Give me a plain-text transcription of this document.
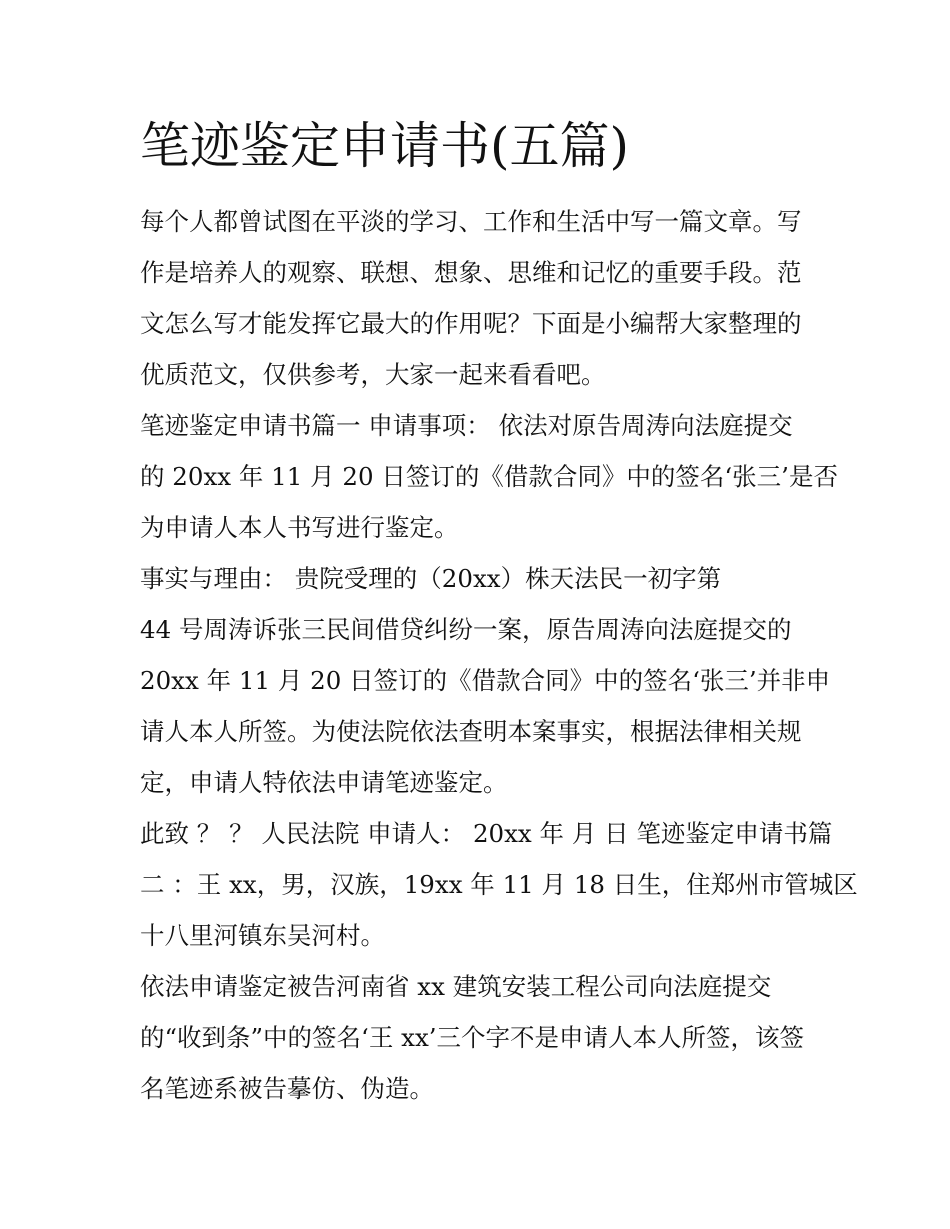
笔迹鉴定申请书(五篇)

每个人都曾试图在平淡的学习、工作和生活中写一篇文章。写

作是培养人的观察、联想、想象、思维和记忆的重要手段。范

文怎么写才能发挥它最大的作用呢？下面是小编帮大家整理的

优质范文，仅供参考，大家一起来看看吧。

笔迹鉴定申请书篇一 申请事项： 依法对原告周涛向法庭提交

的 20xx 年 11 月 20 日签订的《借款合同》中的签名‘张三’是否

为申请人本人书写进行鉴定。

事实与理由： 贵院受理的（20xx）株天法民一初字第

44 号周涛诉张三民间借贷纠纷一案，原告周涛向法庭提交的

20xx 年 11 月 20 日签订的《借款合同》中的签名‘张三’并非申

请人本人所签。为使法院依法查明本案事实，根据法律相关规

定，申请人特依法申请笔迹鉴定。

此致 ？ ？ 人民法院 申请人： 20xx 年 月 日 笔迹鉴定申请书篇

二 ：王 xx，男，汉族，19xx 年 11 月 18 日生，住郑州市管城区

十八里河镇东吴河村。

依法申请鉴定被告河南省 xx 建筑安装工程公司向法庭提交

的“收到条”中的签名‘王 xx’三个字不是申请人本人所签，该签

名笔迹系被告摹仿、伪造。
